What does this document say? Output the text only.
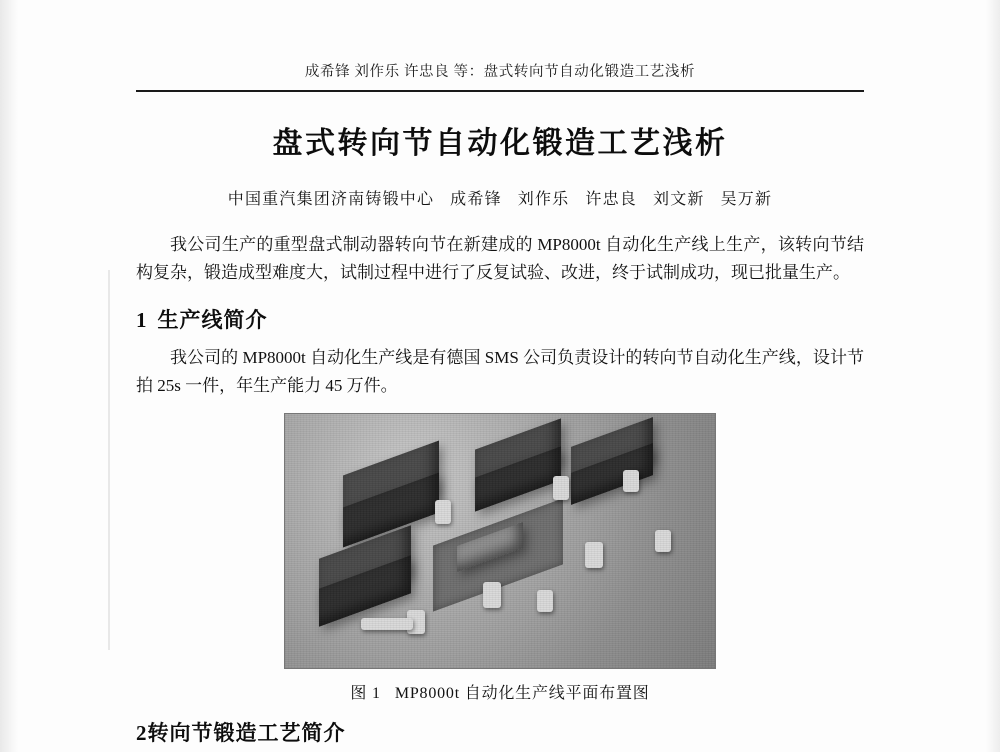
成希锋 刘作乐 许忠良 等：盘式转向节自动化锻造工艺浅析
盘式转向节自动化锻造工艺浅析
中国重汽集团济南铸锻中心 成希锋 刘作乐 许忠良 刘文新 吴万新

我公司生产的重型盘式制动器转向节在新建成的 MP8000t 自动化生产线上生产，该转向节结构复杂，锻造成型难度大，试制过程中进行了反复试验、改进，终于试制成功，现已批量生产。

1 生产线简介

我公司的 MP8000t 自动化生产线是有德国 SMS 公司负责设计的转向节自动化生产线，设计节拍 25s 一件，年生产能力 45 万件。

图 1 MP8000t 自动化生产线平面布置图
2转向节锻造工艺简介
